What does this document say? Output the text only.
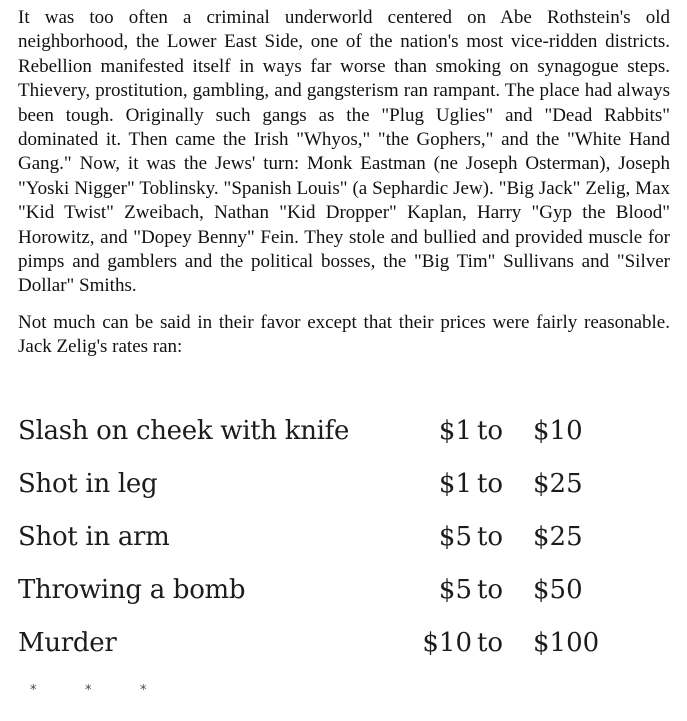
It was too often a criminal underworld centered on Abe Rothstein's old neighborhood, the Lower East Side, one of the nation's most vice-ridden districts. Rebellion manifested itself in ways far worse than smoking on synagogue steps. Thievery, prostitution, gambling, and gangsterism ran rampant. The place had always been tough. Originally such gangs as the "Plug Uglies" and "Dead Rabbits" dominated it. Then came the Irish "Whyos," "the Gophers," and the "White Hand Gang." Now, it was the Jews' turn: Monk Eastman (ne Joseph Osterman), Joseph "Yoski Nigger" Toblinsky. "Spanish Louis" (a Sephardic Jew). "Big Jack" Zelig, Max "Kid Twist" Zweibach, Nathan "Kid Dropper" Kaplan, Harry "Gyp the Blood" Horowitz, and "Dopey Benny" Fein. They stole and bullied and provided muscle for pimps and gamblers and the political bosses, the "Big Tim" Sullivans and "Silver Dollar" Smiths.

Not much can be said in their favor except that their prices were fairly reasonable. Jack Zelig's rates ran:

Slash on cheek with knife	$1 to $10
Shot in leg	$1 to $25
Shot in arm	$5 to $25
Throwing a bomb	$5 to $50
Murder	$10 to $100
*	*	*
